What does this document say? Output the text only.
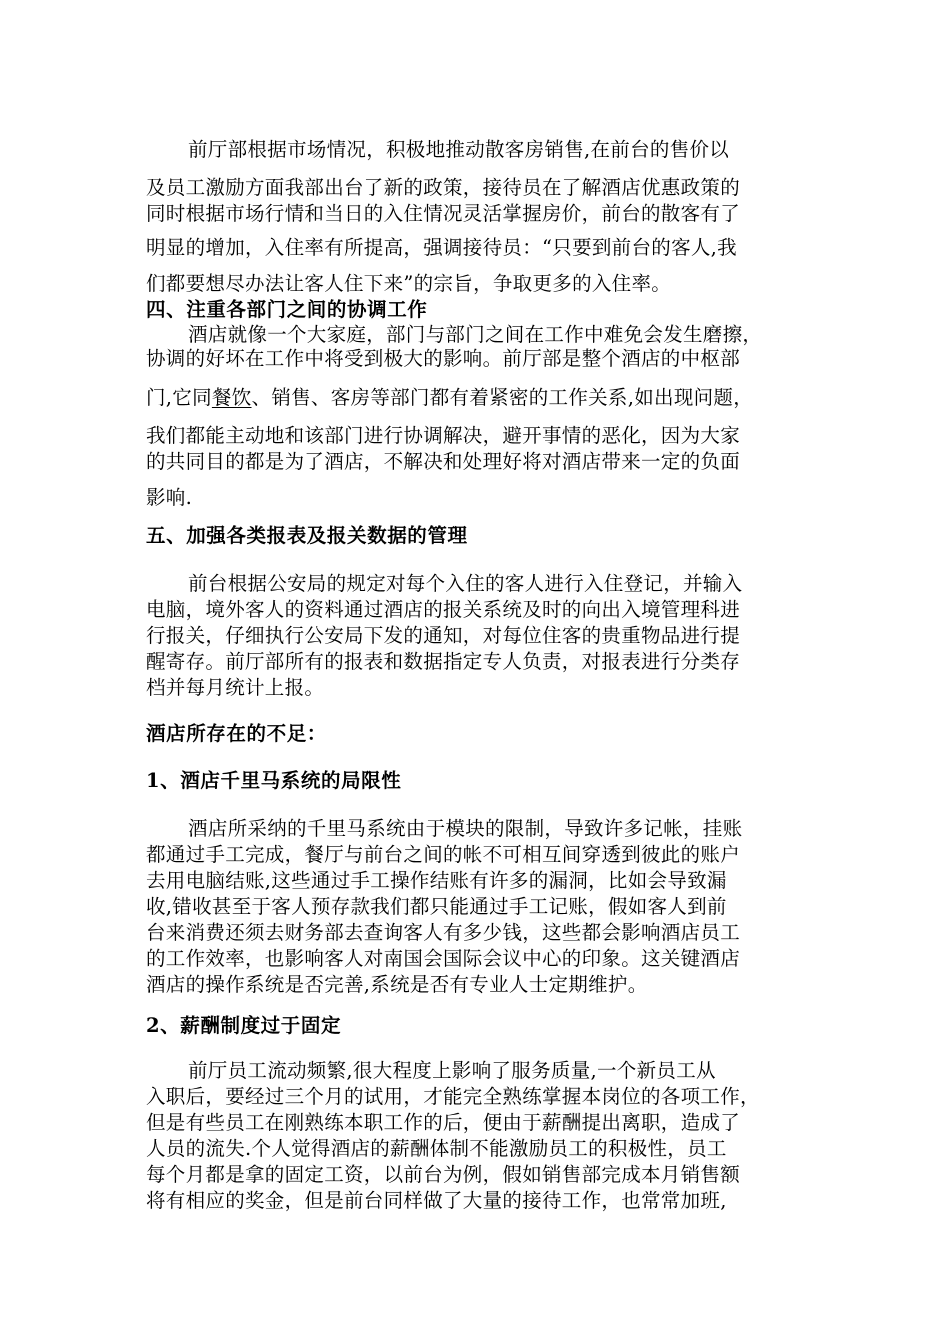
前厅部根据市场情况，积极地推动散客房销售,在前台的售价以
及员工激励方面我部出台了新的政策，接待员在了解酒店优惠政策的
同时根据市场行情和当日的入住情况灵活掌握房价，前台的散客有了
明显的增加，入住率有所提高，强调接待员：“只要到前台的客人,我
们都要想尽办法让客人住下来”的宗旨，争取更多的入住率。
四、注重各部门之间的协调工作
酒店就像一个大家庭，部门与部门之间在工作中难免会发生磨擦，
协调的好坏在工作中将受到极大的影响。前厅部是整个酒店的中枢部
门,它同餐饮、销售、客房等部门都有着紧密的工作关系,如出现问题，
我们都能主动地和该部门进行协调解决，避开事情的恶化，因为大家
的共同目的都是为了酒店，不解决和处理好将对酒店带来一定的负面
影响.
五、加强各类报表及报关数据的管理
前台根据公安局的规定对每个入住的客人进行入住登记，并输入
电脑，境外客人的资料通过酒店的报关系统及时的向出入境管理科进
行报关，仔细执行公安局下发的通知，对每位住客的贵重物品进行提
醒寄存。前厅部所有的报表和数据指定专人负责，对报表进行分类存
档并每月统计上报。
酒店所存在的不足：
1、酒店千里马系统的局限性
酒店所采纳的千里马系统由于模块的限制，导致许多记帐，挂账
都通过手工完成，餐厅与前台之间的帐不可相互间穿透到彼此的账户
去用电脑结账,这些通过手工操作结账有许多的漏洞，比如会导致漏
收,错收甚至于客人预存款我们都只能通过手工记账，假如客人到前
台来消费还须去财务部去查询客人有多少钱，这些都会影响酒店员工
的工作效率，也影响客人对南国会国际会议中心的印象。这关键酒店
酒店的操作系统是否完善,系统是否有专业人士定期维护。
2、薪酬制度过于固定
前厅员工流动频繁,很大程度上影响了服务质量,一个新员工从
入职后，要经过三个月的试用，才能完全熟练掌握本岗位的各项工作，
但是有些员工在刚熟练本职工作的后，便由于薪酬提出离职，造成了
人员的流失.个人觉得酒店的薪酬体制不能激励员工的积极性，员工
每个月都是拿的固定工资，以前台为例，假如销售部完成本月销售额
将有相应的奖金，但是前台同样做了大量的接待工作，也常常加班,
